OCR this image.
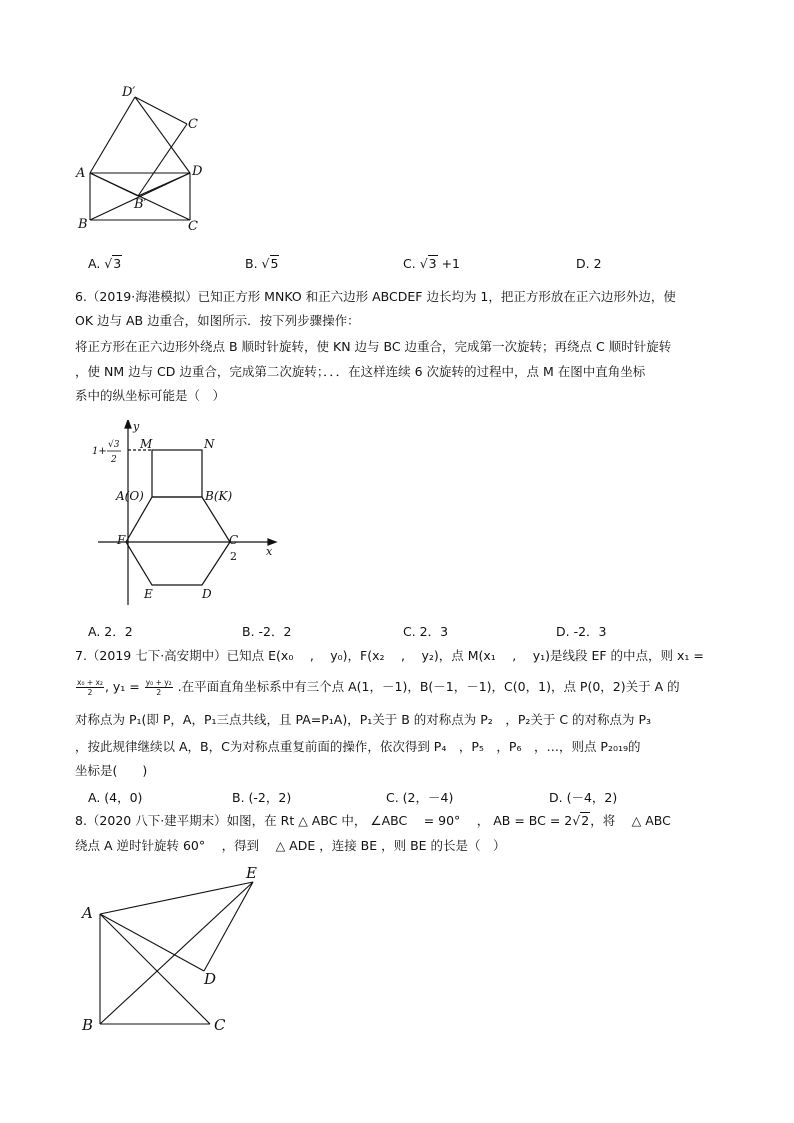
D′
C
A	D
B′
B	C
A. √3	B. √5	C. √3 +1	D. 2
6.（2019·海港模拟）已知正方形 MNKO 和正六边形 ABCDEF 边长均为 1，把正方形放在正六边形外边，使
OK 边与 AB 边重合，如图所示．按下列步骤操作：
将正方形在正六边形外绕点 B 顺时针旋转，使 KN 边与 BC 边重合，完成第一次旋转；再绕点 C 顺时针旋转
，使 NM 边与 CD 边重合，完成第二次旋转；．．．在这样连续 6 次旋转的过程中，点 M 在图中直角坐标
系中的纵坐标可能是（　）
y
x
1+
√3
2
M	N
A(O)	B(K)
F	C
D
E
2
A. 2．2	B. -2．2	C. 2．3	D. -2．3
7.（2019 七下·高安期中）已知点 E(x₀ 　, 　y₀)，F(x₂ 　, 　y₂)，点 M(x₁ 　, 　y₁)是线段 EF 的中点，则 x₁ =
$\frac{\text{x₀ + x₂}}{2}$ , $y_1 = \frac{\text{y₀ + y₂}}{2}$ .在平面直角坐标系中有三个点 A(1，－1)，B(－1，－1)，C(0，1)，点 P(0，2)关于 A 的
对称点为 P₁(即 P，A，P₁三点共线，且 PA=P₁A)，P₁关于 B 的对称点为 P₂　，P₂关于 C 的对称点为 P₃
，按此规律继续以 A，B，C为对称点重复前面的操作，依次得到 P₄　，P₅　，P₆　，…，则点 P₂₀₁₉的
坐标是(　　)
A. (4，0)	B. (-2，2)	C. (2，－4)	D. (－4，2)
8.（2020 八下·建平期末）如图，在 Rt △ ABC 中， ∠ABC 　= 90° 　， AB = BC = 2√2，将　 △ ABC
绕点 A 逆时针旋转 60° 　，得到　 △ ADE ，连接 BE ，则 BE 的长是（　）
A
E
D
B	C
